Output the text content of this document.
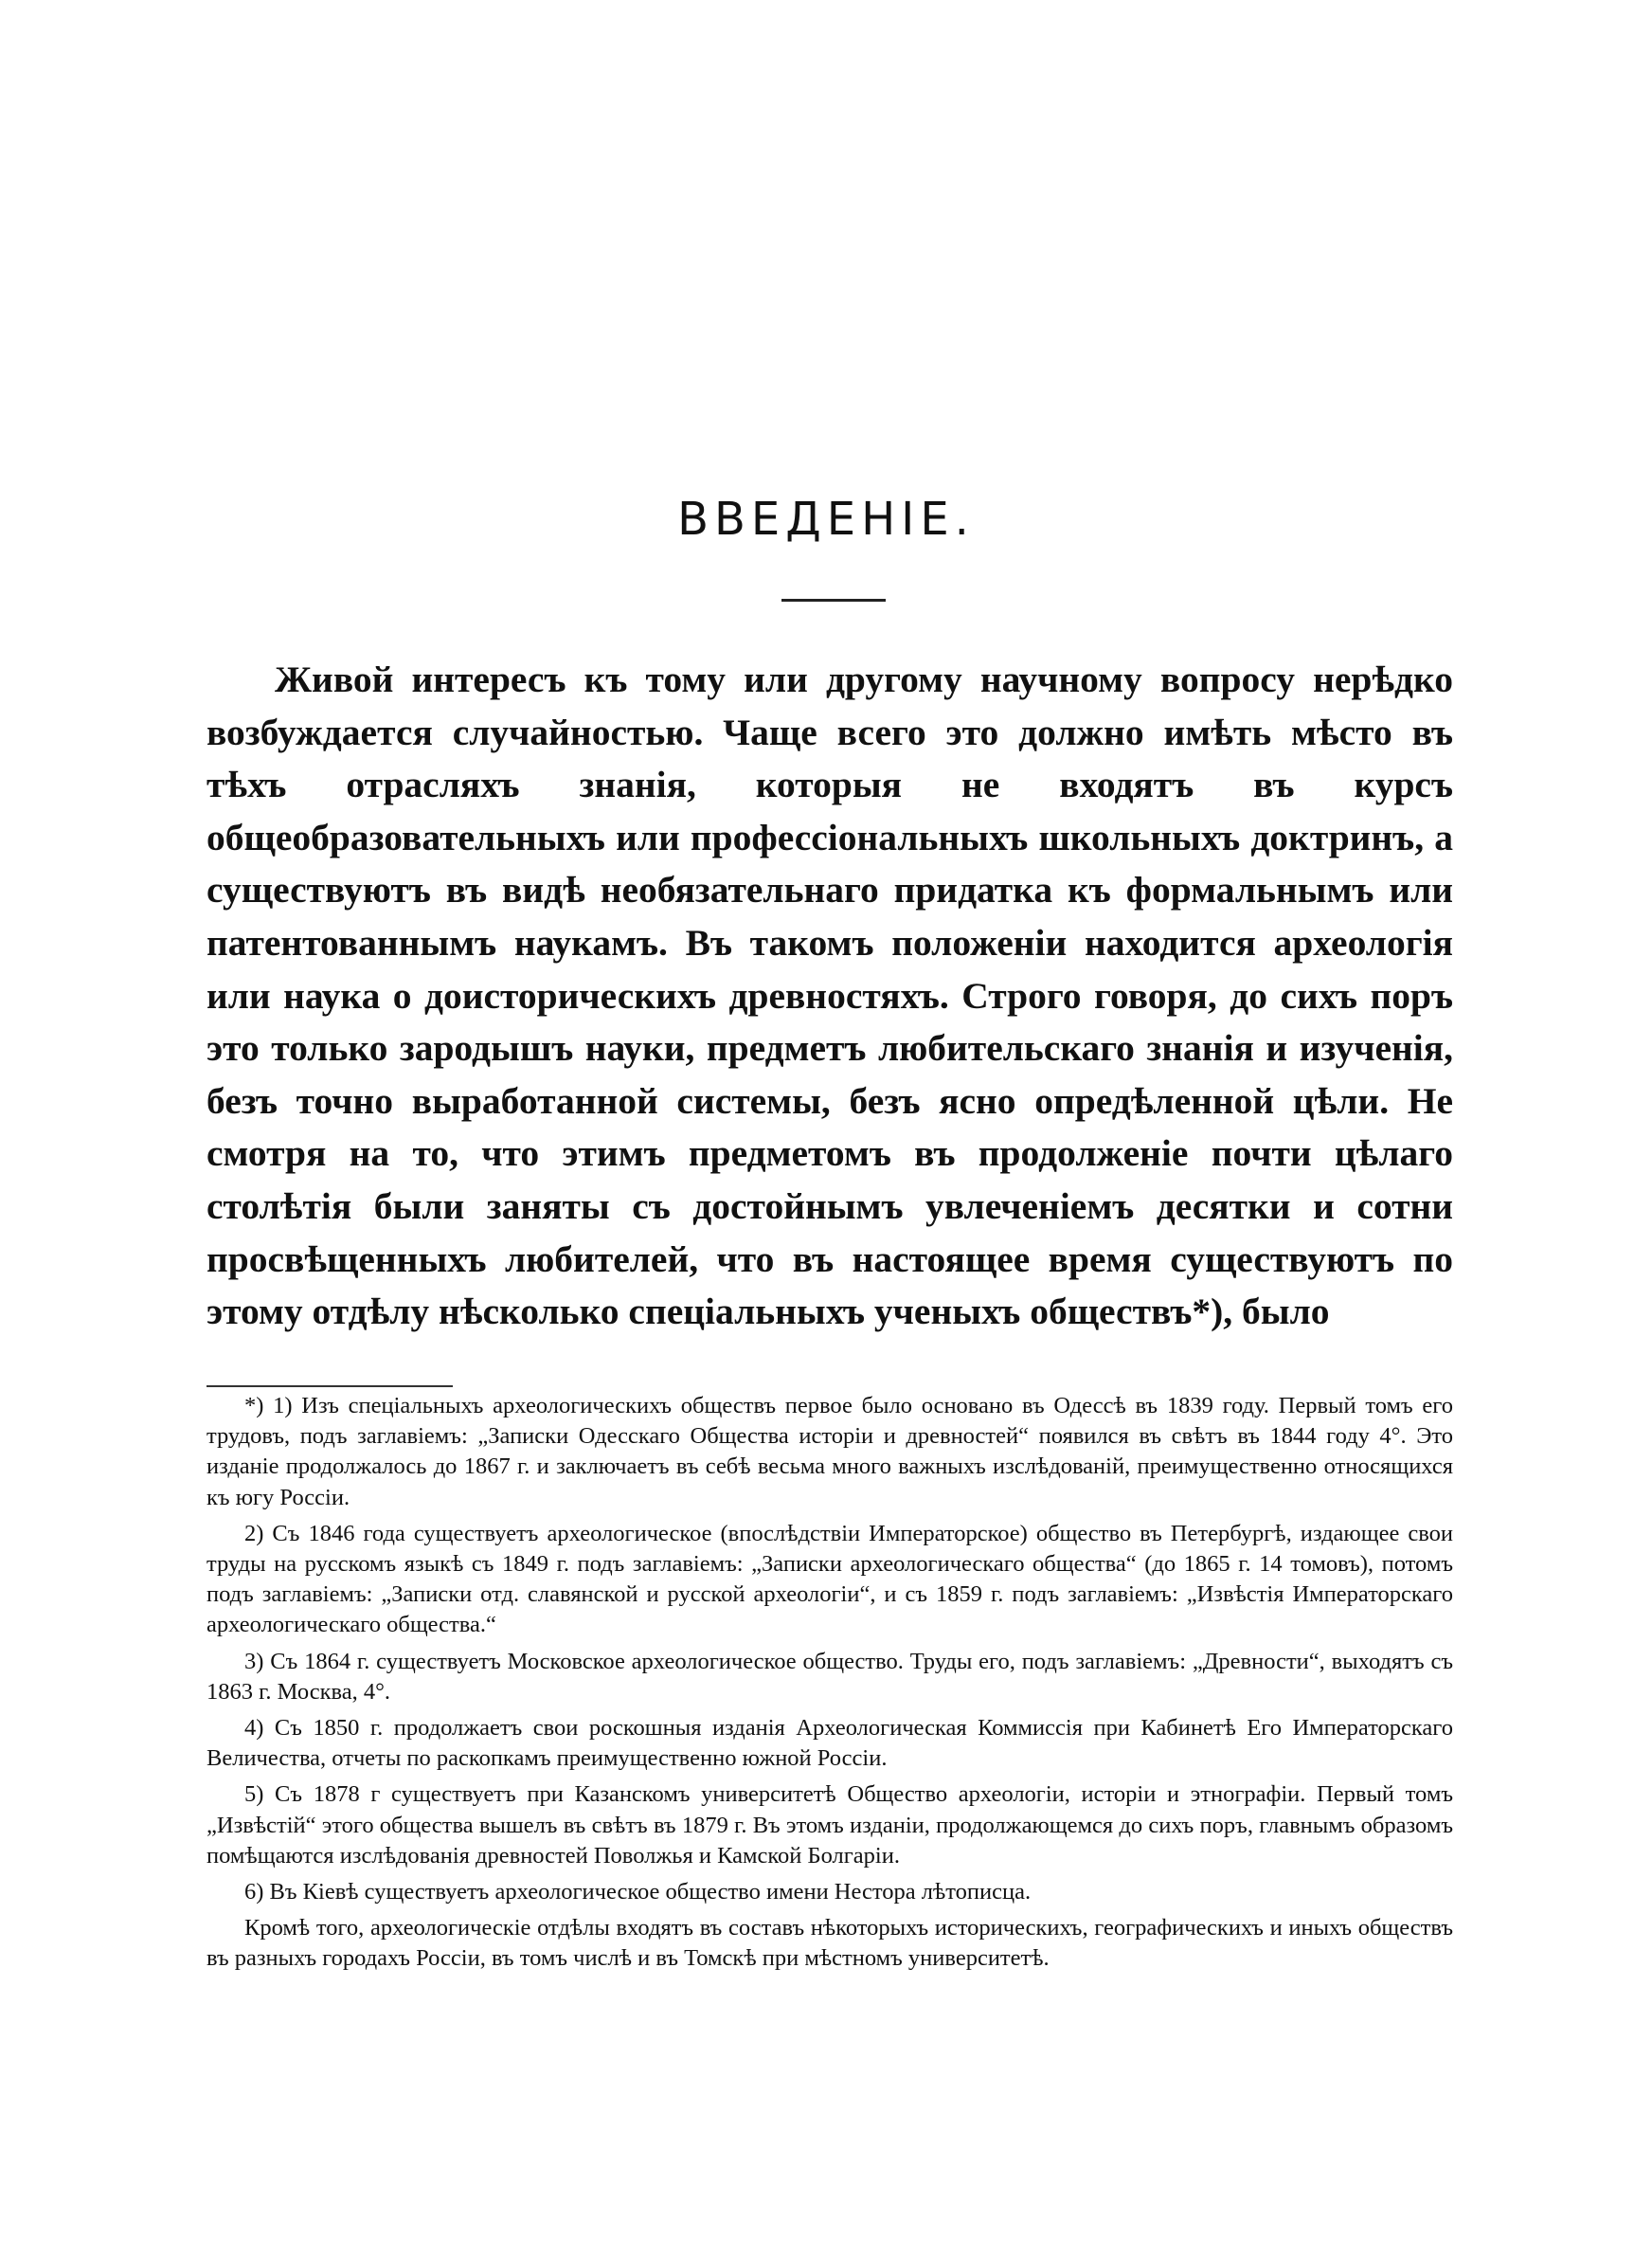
ВВЕДЕНІЕ.

Живой интересъ къ тому или другому научному вопросу нерѣдко возбуждается случайностью. Чаще всего это должно имѣть мѣсто въ тѣхъ отрасляхъ знанія, которыя не входятъ въ курсъ общеобразовательныхъ или профессіональныхъ школьныхъ доктринъ, а существуютъ въ видѣ необязательнаго придатка къ формальнымъ или патентованнымъ наукамъ. Въ такомъ положеніи находится археологія или наука о доисторическихъ древностяхъ. Строго говоря, до сихъ поръ это только зародышъ науки, предметъ любительскаго знанія и изученія, безъ точно выработанной системы, безъ ясно опредѣленной цѣли. Не смотря на то, что этимъ предметомъ въ продолженіе почти цѣлаго столѣтія были заняты съ достойнымъ увлеченіемъ десятки и сотни просвѣщенныхъ любителей, что въ настоящее время существуютъ по этому отдѣлу нѣсколько спеціальныхъ ученыхъ обществъ*), было

*) 1) Изъ спеціальныхъ археологическихъ обществъ первое было основано въ Одессѣ въ 1839 году. Первый томъ его трудовъ, подъ заглавіемъ: „Записки Одесскаго Общества исторіи и древностей“ появился въ свѣтъ въ 1844 году 4°. Это изданіе продолжалось до 1867 г. и заключаетъ въ себѣ весьма много важныхъ изслѣдованій, преимущественно относящихся къ югу Россіи.

2) Съ 1846 года существуетъ археологическое (впослѣдствіи Императорское) общество въ Петербургѣ, издающее свои труды на русскомъ языкѣ съ 1849 г. подъ заглавіемъ: „Записки археологическаго общества“ (до 1865 г. 14 томовъ), потомъ подъ заглавіемъ: „Записки отд. славянской и русской археологіи“, и съ 1859 г. подъ заглавіемъ: „Извѣстія Императорскаго археологическаго общества.“

3) Съ 1864 г. существуетъ Московское археологическое общество. Труды его, подъ заглавіемъ: „Древности“, выходятъ съ 1863 г. Москва, 4°.

4) Съ 1850 г. продолжаетъ свои роскошныя изданія Археологическая Коммиссія при Кабинетѣ Его Императорскаго Величества, отчеты по раскопкамъ преимущественно южной Россіи.

5) Съ 1878 г существуетъ при Казанскомъ университетѣ Общество археологіи, исторіи и этнографіи. Первый томъ „Извѣстій“ этого общества вышелъ въ свѣтъ въ 1879 г. Въ этомъ изданіи, продолжающемся до сихъ поръ, главнымъ образомъ помѣщаются изслѣдованія древностей Поволжья и Камской Болгаріи.

6) Въ Кіевѣ существуетъ археологическое общество имени Нестора лѣтописца.

Кромѣ того, археологическіе отдѣлы входятъ въ составъ нѣкоторыхъ историческихъ, географическихъ и иныхъ обществъ въ разныхъ городахъ Россіи, въ томъ числѣ и въ Томскѣ при мѣстномъ университетѣ.
